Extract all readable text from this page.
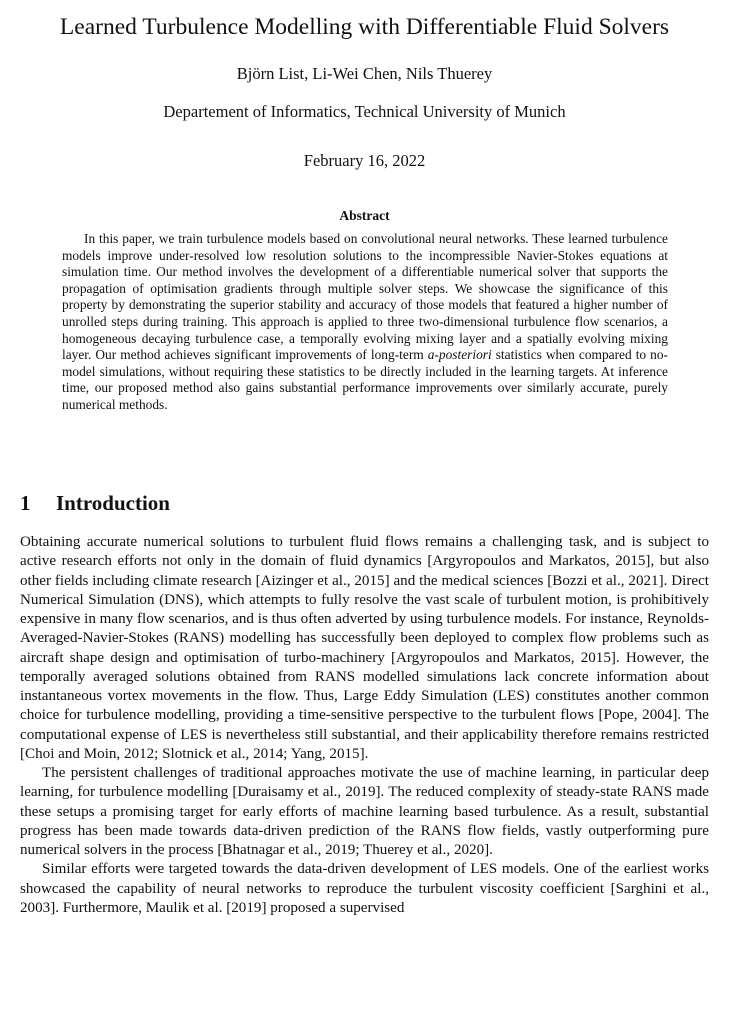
Learned Turbulence Modelling with Differentiable Fluid Solvers
Björn List, Li-Wei Chen, Nils Thuerey
Departement of Informatics, Technical University of Munich
February 16, 2022
Abstract

In this paper, we train turbulence models based on convolutional neural networks. These learned turbulence models improve under-resolved low resolution solutions to the incompressible Navier-Stokes equations at simulation time. Our method involves the development of a differentiable numerical solver that supports the propagation of optimisation gradients through multiple solver steps. We showcase the significance of this property by demonstrating the superior stability and accuracy of those models that featured a higher number of unrolled steps during training. This approach is applied to three two-dimensional turbulence flow scenarios, a homogeneous decaying turbulence case, a temporally evolving mixing layer and a spatially evolving mixing layer. Our method achieves significant improvements of long-term a-posteriori statistics when compared to no-model simulations, without requiring these statistics to be directly included in the learning targets. At inference time, our proposed method also gains substantial performance improvements over similarly accurate, purely numerical methods.

1 Introduction

Obtaining accurate numerical solutions to turbulent fluid flows remains a challenging task, and is subject to active research efforts not only in the domain of fluid dynamics [Argyropoulos and Markatos, 2015], but also other fields including climate research [Aizinger et al., 2015] and the medical sciences [Bozzi et al., 2021]. Direct Numerical Simulation (DNS), which attempts to fully resolve the vast scale of turbulent motion, is prohibitively expensive in many flow scenarios, and is thus often adverted by using turbulence models. For instance, Reynolds-Averaged-Navier-Stokes (RANS) modelling has successfully been deployed to complex flow problems such as aircraft shape design and optimisation of turbo-machinery [Argyropoulos and Markatos, 2015]. However, the temporally averaged solutions obtained from RANS modelled simulations lack concrete information about instantaneous vortex movements in the flow. Thus, Large Eddy Simulation (LES) constitutes another common choice for turbulence modelling, providing a time-sensitive perspective to the turbulent flows [Pope, 2004]. The computational expense of LES is nevertheless still substantial, and their applicability therefore remains restricted [Choi and Moin, 2012; Slotnick et al., 2014; Yang, 2015].

The persistent challenges of traditional approaches motivate the use of machine learning, in particular deep learning, for turbulence modelling [Duraisamy et al., 2019]. The reduced complexity of steady-state RANS made these setups a promising target for early efforts of machine learning based turbulence. As a result, substantial progress has been made towards data-driven prediction of the RANS flow fields, vastly outperforming pure numerical solvers in the process [Bhatnagar et al., 2019; Thuerey et al., 2020].

Similar efforts were targeted towards the data-driven development of LES models. One of the earliest works showcased the capability of neural networks to reproduce the turbulent viscosity coefficient [Sarghini et al., 2003]. Furthermore, Maulik et al. [2019] proposed a supervised
